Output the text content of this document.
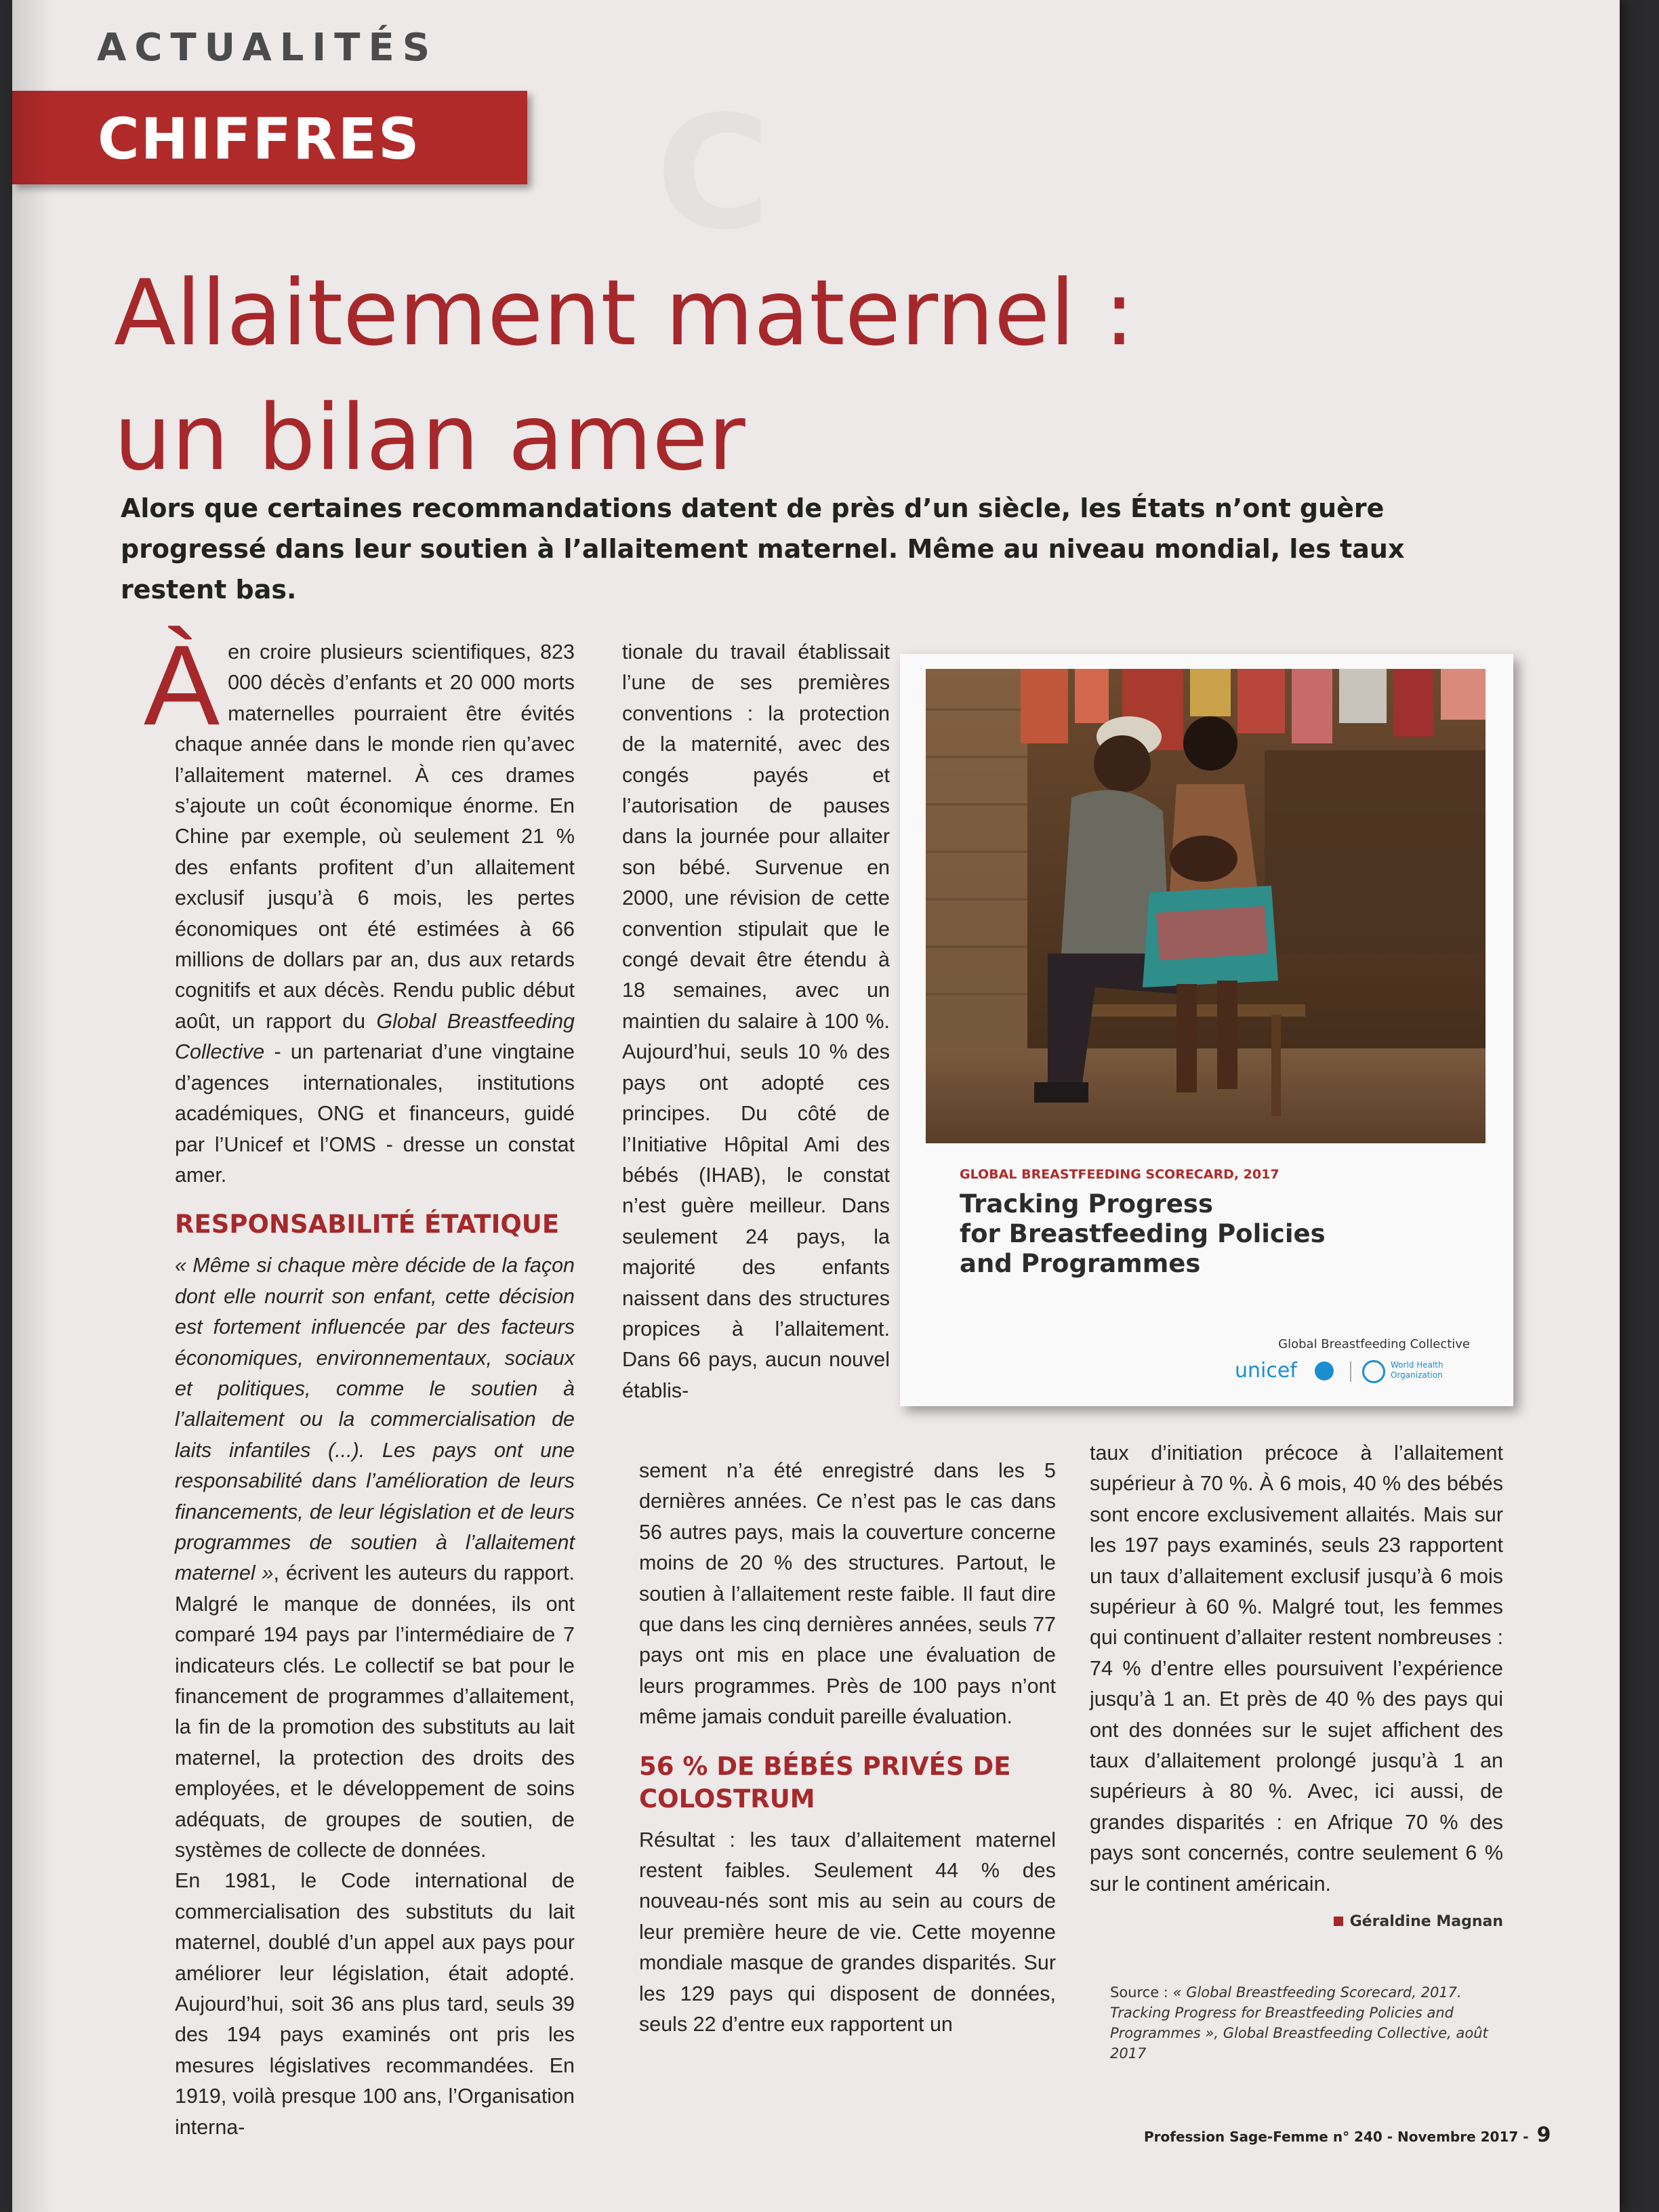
C
ACTUALITÉS
CHIFFRES
Allaitement maternel :
un bilan amer
Alors que certaines recommandations datent de près d’un siècle, les États n’ont guère progressé dans leur soutien à l’allaitement maternel. Même au niveau mondial, les taux restent bas.

Àen croire plusieurs scientifiques, 823 000 décès d’enfants et 20 000 morts maternelles pourraient être évités chaque année dans le monde rien qu’avec l’allaitement maternel. À ces drames s’ajoute un coût économique énorme. En Chine par exemple, où seulement 21 % des enfants profitent d’un allaitement exclusif jusqu’à 6 mois, les pertes économiques ont été estimées à 66 millions de dollars par an, dus aux retards cognitifs et aux décès. Rendu public début août, un rapport du Global Breastfeeding Collective - un partenariat d’une vingtaine d’agences internationales, institutions académiques, ONG et financeurs, guidé par l’Unicef et l’OMS - dresse un constat amer.

RESPONSABILITÉ ÉTATIQUE

« Même si chaque mère décide de la façon dont elle nourrit son enfant, cette décision est fortement influencée par des facteurs économiques, environnementaux, sociaux et politiques, comme le soutien à l’allaitement ou la commercialisation de laits infantiles (...). Les pays ont une responsabilité dans l’amélioration de leurs financements, de leur législation et de leurs programmes de soutien à l’allaitement maternel », écrivent les auteurs du rapport. Malgré le manque de données, ils ont comparé 194 pays par l’intermédiaire de 7 indicateurs clés. Le collectif se bat pour le financement de programmes d’allaitement, la fin de la promotion des substituts au lait maternel, la protection des droits des employées, et le développement de soins adéquats, de groupes de soutien, de systèmes de collecte de données.

En 1981, le Code international de commercialisation des substituts du lait maternel, doublé d’un appel aux pays pour améliorer leur législation, était adopté. Aujourd’hui, soit 36 ans plus tard, seuls 39 des 194 pays examinés ont pris les mesures législatives recommandées. En 1919, voilà presque 100 ans, l’Organisation interna-

tionale du travail établissait l’une de ses premières conventions : la protection de la maternité, avec des congés payés et l’autorisation de pauses dans la journée pour allaiter son bébé. Survenue en 2000, une révision de cette convention stipulait que le congé devait être étendu à 18 semaines, avec un maintien du salaire à 100 %. Aujourd’hui, seuls 10 % des pays ont adopté ces principes. Du côté de l’Initiative Hôpital Ami des bébés (IHAB), le constat n’est guère meilleur. Dans seulement 24 pays, la majorité des enfants naissent dans des structures propices à l’allaitement. Dans 66 pays, aucun nouvel établis-

sement n’a été enregistré dans les 5 dernières années. Ce n’est pas le cas dans 56 autres pays, mais la couverture concerne moins de 20 % des structures. Partout, le soutien à l’allaitement reste faible. Il faut dire que dans les cinq dernières années, seuls 77 pays ont mis en place une évaluation de leurs programmes. Près de 100 pays n’ont même jamais conduit pareille évaluation.

56 % DE BÉBÉS PRIVÉS DE COLOSTRUM

Résultat : les taux d’allaitement maternel restent faibles. Seulement 44 % des nouveau-nés sont mis au sein au cours de leur première heure de vie. Cette moyenne mondiale masque de grandes disparités. Sur les 129 pays qui disposent de données, seuls 22 d’entre eux rapportent un

taux d’initiation précoce à l’allaitement supérieur à 70 %. À 6 mois, 40 % des bébés sont encore exclusivement allaités. Mais sur les 197 pays examinés, seuls 23 rapportent un taux d’allaitement exclusif jusqu’à 6 mois supérieur à 60 %. Malgré tout, les femmes qui continuent d’allaiter restent nombreuses : 74 % d’entre elles poursuivent l’expérience jusqu’à 1 an. Et près de 40 % des pays qui ont des données sur le sujet affichent des taux d’allaitement prolongé jusqu’à 1 an supérieurs à 80 %. Avec, ici aussi, de grandes disparités : en Afrique 70 % des pays sont concernés, contre seulement 6 % sur le continent américain.

Géraldine Magnan
Source : « Global Breastfeeding Scorecard, 2017. Tracking Progress for Breastfeeding Policies and Programmes », Global Breastfeeding Collective, août 2017
GLOBAL BREASTFEEDING SCORECARD, 2017
Tracking Progress
for Breastfeeding Policies
and Programmes
Global Breastfeeding Collective
unicef	World Health Organization
Profession Sage-Femme n° 240 - Novembre 2017 - 9
